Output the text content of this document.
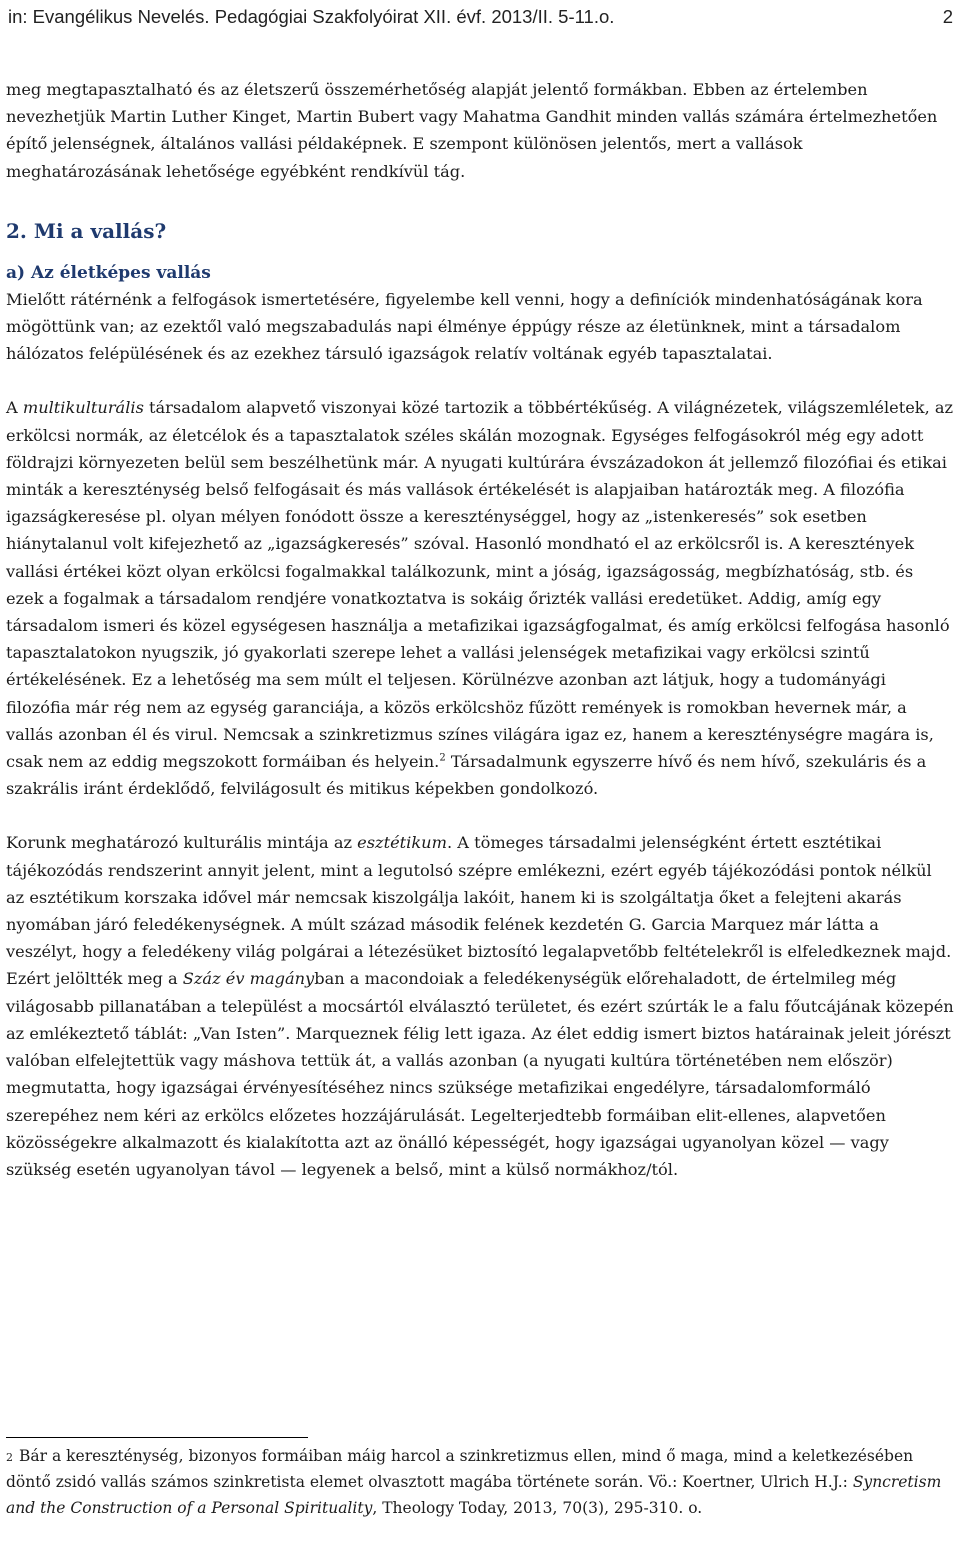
in: Evangélikus Nevelés. Pedagógiai Szakfolyóirat XII. évf. 2013/II. 5-11.o.	2

meg megtapasztalható és az életszerű összemérhetőség alapját jelentő formákban. Ebben az értelemben nevezhetjük Martin Luther Kinget, Martin Bubert vagy Mahatma Gandhit minden vallás számára értelmezhetően építő jelenségnek, általános vallási példaképnek. E szempont különösen jelentős, mert a vallások meghatározásának lehetősége egyébként rendkívül tág.

2. Mi a vallás?
a) Az életképes vallás

Mielőtt rátérnénk a felfogások ismertetésére, figyelembe kell venni, hogy a definíciók mindenhatóságának kora mögöttünk van; az ezektől való megszabadulás napi élménye éppúgy része az életünknek, mint a társadalom hálózatos felépülésének és az ezekhez társuló igazságok relatív voltának egyéb tapasztalatai.

A multikulturális társadalom alapvető viszonyai közé tartozik a többértékűség. A világnézetek, világszemléletek, az erkölcsi normák, az életcélok és a tapasztalatok széles skálán mozognak. Egységes felfogásokról még egy adott földrajzi környezeten belül sem beszélhetünk már. A nyugati kultúrára évszázadokon át jellemző filozófiai és etikai minták a kereszténység belső felfogásait és más vallások értékelését is alapjaiban határozták meg. A filozófia igazságkeresése pl. olyan mélyen fonódott össze a kereszténységgel, hogy az „istenkeresés” sok esetben hiánytalanul volt kifejezhető az „igazságkeresés” szóval. Hasonló mondható el az erkölcsről is. A keresztények vallási értékei közt olyan erkölcsi fogalmakkal találkozunk, mint a jóság, igazságosság, megbízhatóság, stb. és ezek a fogalmak a társadalom rendjére vonatkoztatva is sokáig őrizték vallási eredetüket. Addig, amíg egy társadalom ismeri és közel egységesen használja a metafizikai igazságfogalmat, és amíg erkölcsi felfogása hasonló tapasztalatokon nyugszik, jó gyakorlati szerepe lehet a vallási jelenségek metafizikai vagy erkölcsi szintű értékelésének. Ez a lehetőség ma sem múlt el teljesen. Körülnézve azonban azt látjuk, hogy a tudományági filozófia már rég nem az egység garanciája, a közös erkölcshöz fűzött remények is romokban hevernek már, a vallás azonban él és virul. Nemcsak a szinkretizmus színes világára igaz ez, hanem a kereszténységre magára is, csak nem az eddig megszokott formáiban és helyein.$^2$ Társadalmunk egyszerre hívő és nem hívő, szekuláris és a szakrális iránt érdeklődő, felvilágosult és mitikus képekben gondolkozó.

Korunk meghatározó kulturális mintája az esztétikum. A tömeges társadalmi jelenségként értett esztétikai tájékozódás rendszerint annyit jelent, mint a legutolsó szépre emlékezni, ezért egyéb tájékozódási pontok nélkül az esztétikum korszaka idővel már nemcsak kiszolgálja lakóit, hanem ki is szolgáltatja őket a felejteni akarás nyomában járó feledékenységnek. A múlt század második felének kezdetén G. Garcia Marquez már látta a veszélyt, hogy a feledékeny világ polgárai a létezésüket biztosító legalapvetőbb feltételekről is elfeledkeznek majd. Ezért jelöltték meg a Száz év magányban a macondoiak a feledékenységük előrehaladott, de értelmileg még világosabb pillanatában a települést a mocsártól elválasztó területet, és ezért szúrták le a falu főutcájának közepén az emlékeztető táblát: „Van Isten”. Marqueznek félig lett igaza. Az élet eddig ismert biztos határainak jeleit jórészt valóban elfelejtettük vagy máshova tettük át, a vallás azonban (a nyugati kultúra történetében nem először) megmutatta, hogy igazságai érvényesítéséhez nincs szüksége metafizikai engedélyre, társadalomformáló szerepéhez nem kéri az erkölcs előzetes hozzájárulását. Legelterjedtebb formáiban elit-ellenes, alapvetően közösségekre alkalmazott és kialakította azt az önálló képességét, hogy igazságai ugyanolyan közel — vagy szükség esetén ugyanolyan távol — legyenek a belső, mint a külső normákhoz/tól.

$^2$ Bár a kereszténység, bizonyos formáiban máig harcol a szinkretizmus ellen, mind ő maga, mind a keletkezésében döntő zsidó vallás számos szinkretista elemet olvasztott magába története során. Vö.: Koertner, Ulrich H.J.: Syncretism and the Construction of a Personal Spirituality, Theology Today, 2013, 70(3), 295-310. o.
